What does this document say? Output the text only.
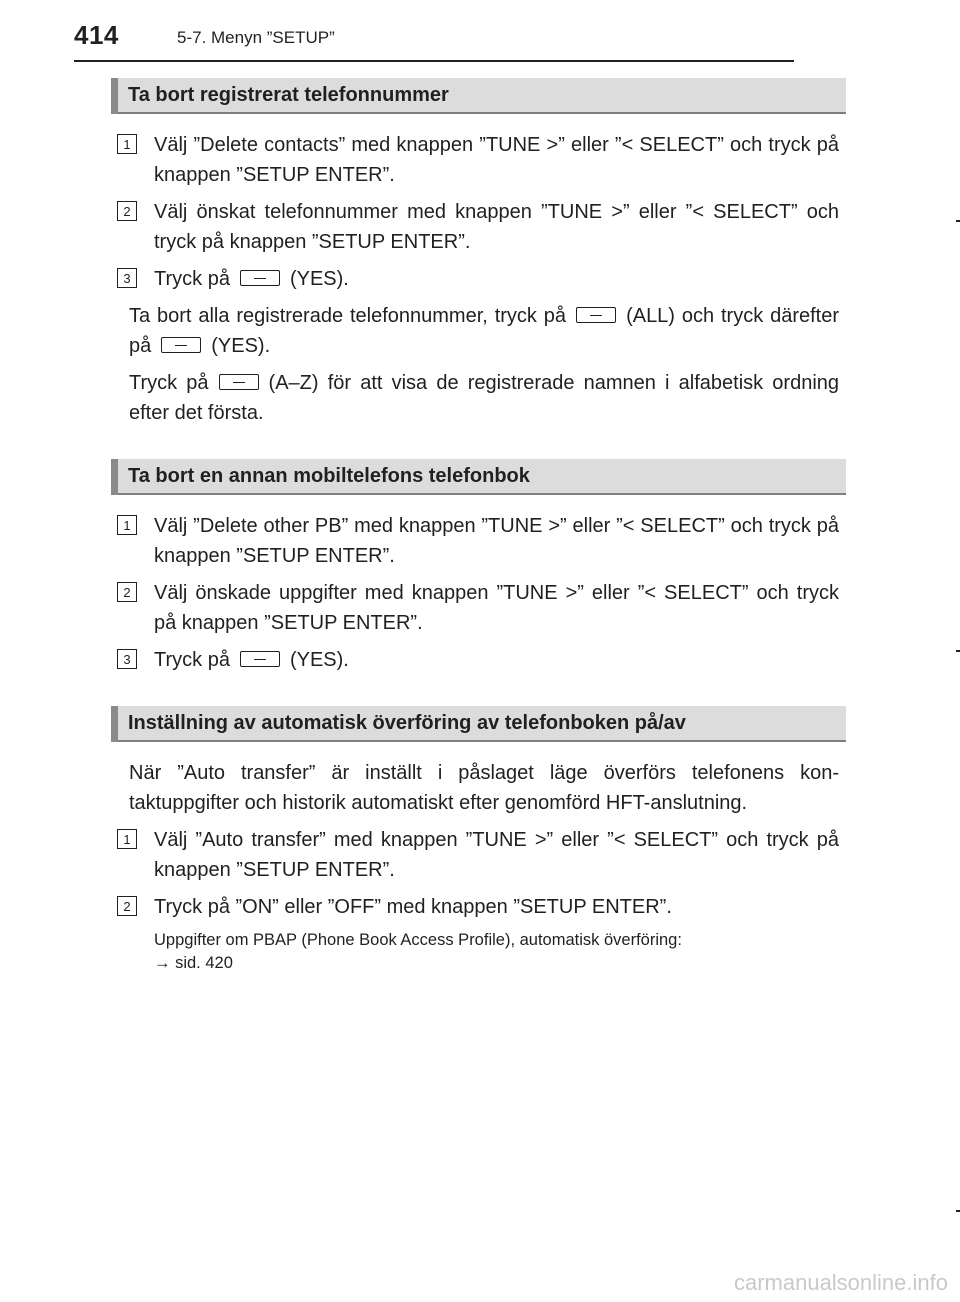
414	5-7. Menyn ”SETUP”
Ta bort registrerat telefonnummer
1	Välj ”Delete contacts” med knappen ”TUNE >” eller ”< SELECT” och tryck på knappen ”SETUP ENTER”.
2	Välj önskat telefonnummer med knappen ”TUNE >” eller ”< SELECT” och tryck på knappen ”SETUP ENTER”.
3	Tryck på	(YES).
Ta bort alla registrerade telefonnummer, tryck på	(ALL) och tryck därefter på	(YES).
Tryck på	(A–Z) för att visa de registrerade namnen i alfabetisk ordning efter det första.
Ta bort en annan mobiltelefons telefonbok
1	Välj ”Delete other PB” med knappen ”TUNE >” eller ”< SELECT” och tryck på knappen ”SETUP ENTER”.
2	Välj önskade uppgifter med knappen ”TUNE >” eller ”< SELECT” och tryck på knappen ”SETUP ENTER”.
3	Tryck på	(YES).
Inställning av automatisk överföring av telefonboken på/av
När ”Auto transfer” är inställt i påslaget läge överförs telefonens kon-taktuppgifter och historik automatiskt efter genomförd HFT-anslutning.
1	Välj ”Auto transfer” med knappen ”TUNE >” eller ”< SELECT” och tryck på knappen ”SETUP ENTER”.
2	Tryck på ”ON” eller ”OFF” med knappen ”SETUP ENTER”.
Uppgifter om PBAP (Phone Book Access Profile), automatisk överföring:
→ sid. 420
carmanualsonline.info
